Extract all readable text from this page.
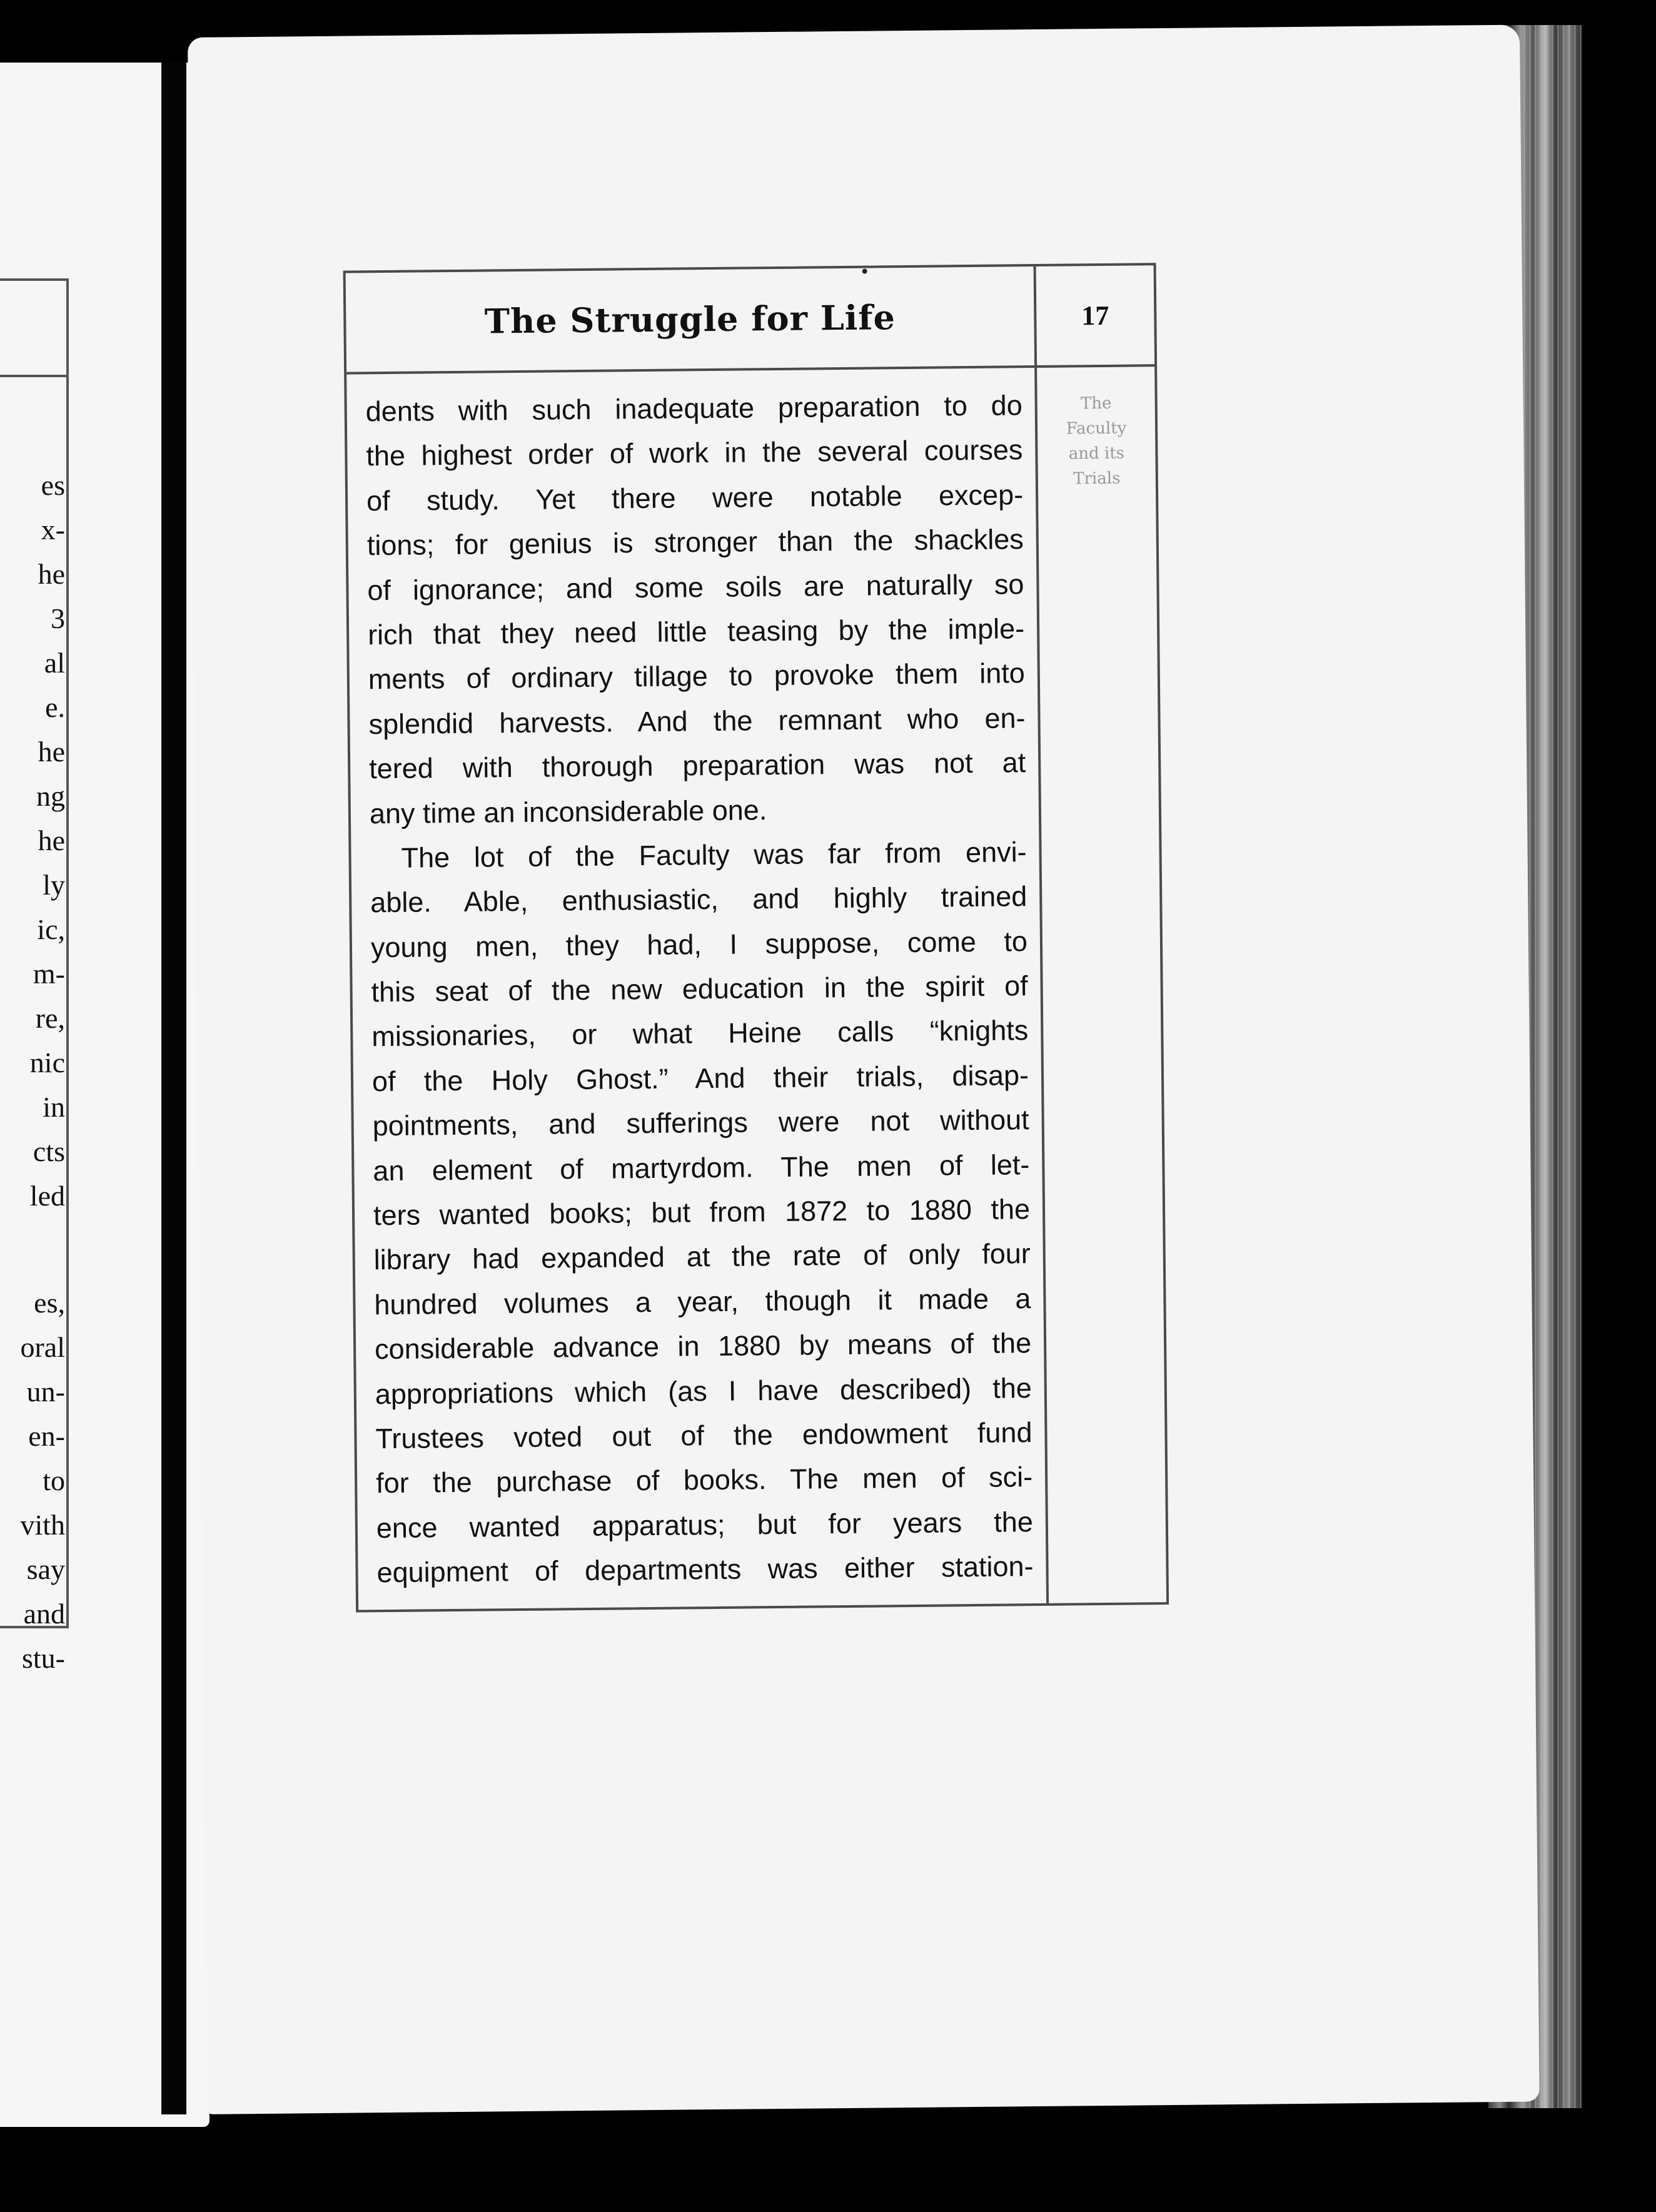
es
x-
he
3
al
e.
he
ng
he
ly
ic,
m-
re,
nic
in
cts
led
es,
oral
un-
en-
to
vith
say
and
stu-
The Struggle for Life	17
The
Faculty
and its
Trials
dents with such inadequate preparation to do
the highest order of work in the several courses
of study. Yet there were notable excep-
tions; for genius is stronger than the shackles
of ignorance; and some soils are naturally so
rich that they need little teasing by the imple-
ments of ordinary tillage to provoke them into
splendid harvests. And the remnant who en-
tered with thorough preparation was not at
any time an inconsiderable one.
The lot of the Faculty was far from envi-
able. Able, enthusiastic, and highly trained
young men, they had, I suppose, come to
this seat of the new education in the spirit of
missionaries, or what Heine calls “knights
of the Holy Ghost.” And their trials, disap-
pointments, and sufferings were not without
an element of martyrdom. The men of let-
ters wanted books; but from 1872 to 1880 the
library had expanded at the rate of only four
hundred volumes a year, though it made a
considerable advance in 1880 by means of the
appropriations which (as I have described) the
Trustees voted out of the endowment fund
for the purchase of books. The men of sci-
ence wanted apparatus; but for years the
equipment of departments was either station-
